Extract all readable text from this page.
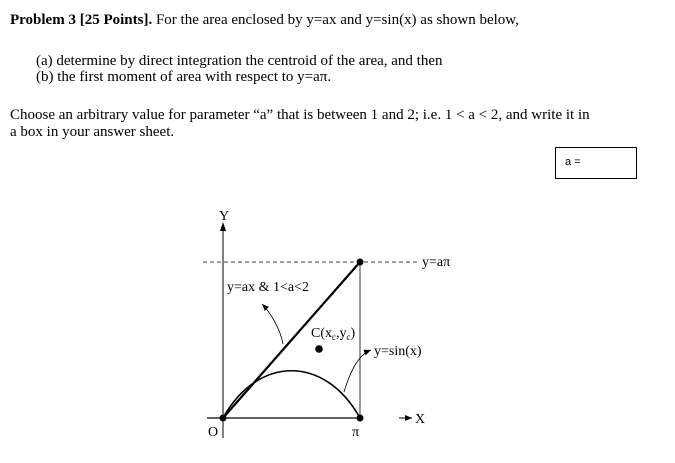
Problem 3 [25 Points]. For the area enclosed by y=ax and y=sin(x) as shown below,
(a) determine by direct integration the centroid of the area, and then
(b) the first moment of area with respect to y=aπ.
Choose an arbitrary value for parameter “a” that is between 1 and 2; i.e. 1 < a < 2, and write it in
a box in your answer sheet.
a =
Y
X
O	π
y=aπ
y=ax & 1<a<2
$C(x_c,y_c)$
y=sin(x)
